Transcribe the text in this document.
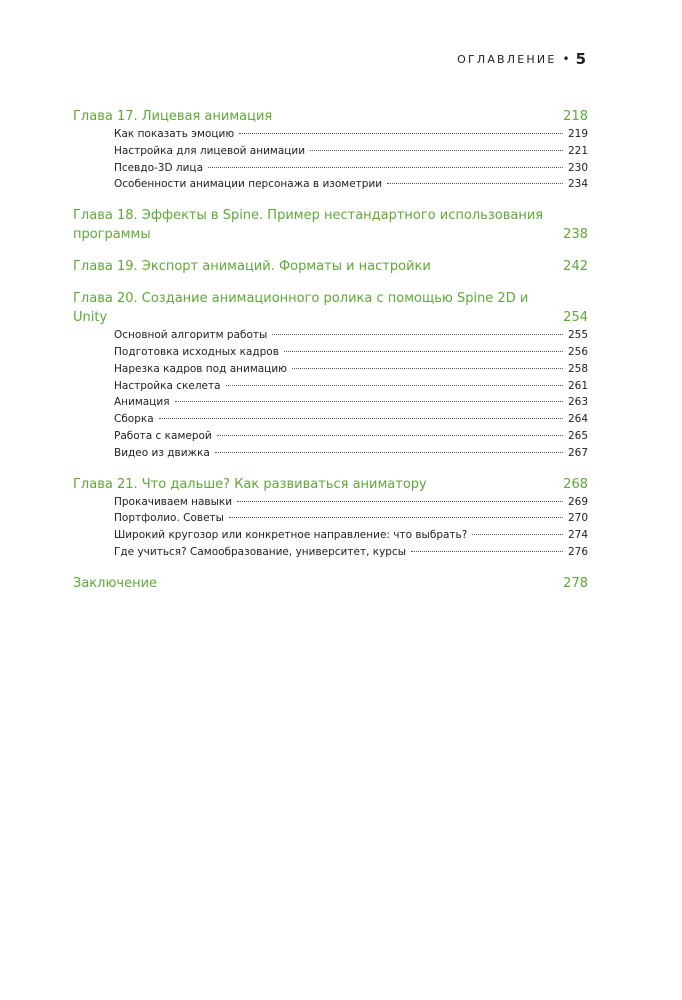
ОГЛАВЛЕНИЕ • 5
Глава 17. Лицевая анимация	218
Как показать эмоцию	219
Настройка для лицевой анимации	221
Псевдо-3D лица	230
Особенности анимации персонажа в изометрии	234
Глава 18. Эффекты в Spine. Пример нестандартного использования программы	238
Глава 19. Экспорт анимаций. Форматы и настройки	242
Глава 20. Создание анимационного ролика с помощью Spine 2D и Unity	254
Основной алгоритм работы	255
Подготовка исходных кадров	256
Нарезка кадров под анимацию	258
Настройка скелета	261
Анимация	263
Сборка	264
Работа с камерой	265
Видео из движка	267
Глава 21. Что дальше? Как развиваться аниматору	268
Прокачиваем навыки	269
Портфолио. Советы	270
Широкий кругозор или конкретное направление: что выбрать?	274
Где учиться? Самообразование, университет, курсы	276
Заключение	278
